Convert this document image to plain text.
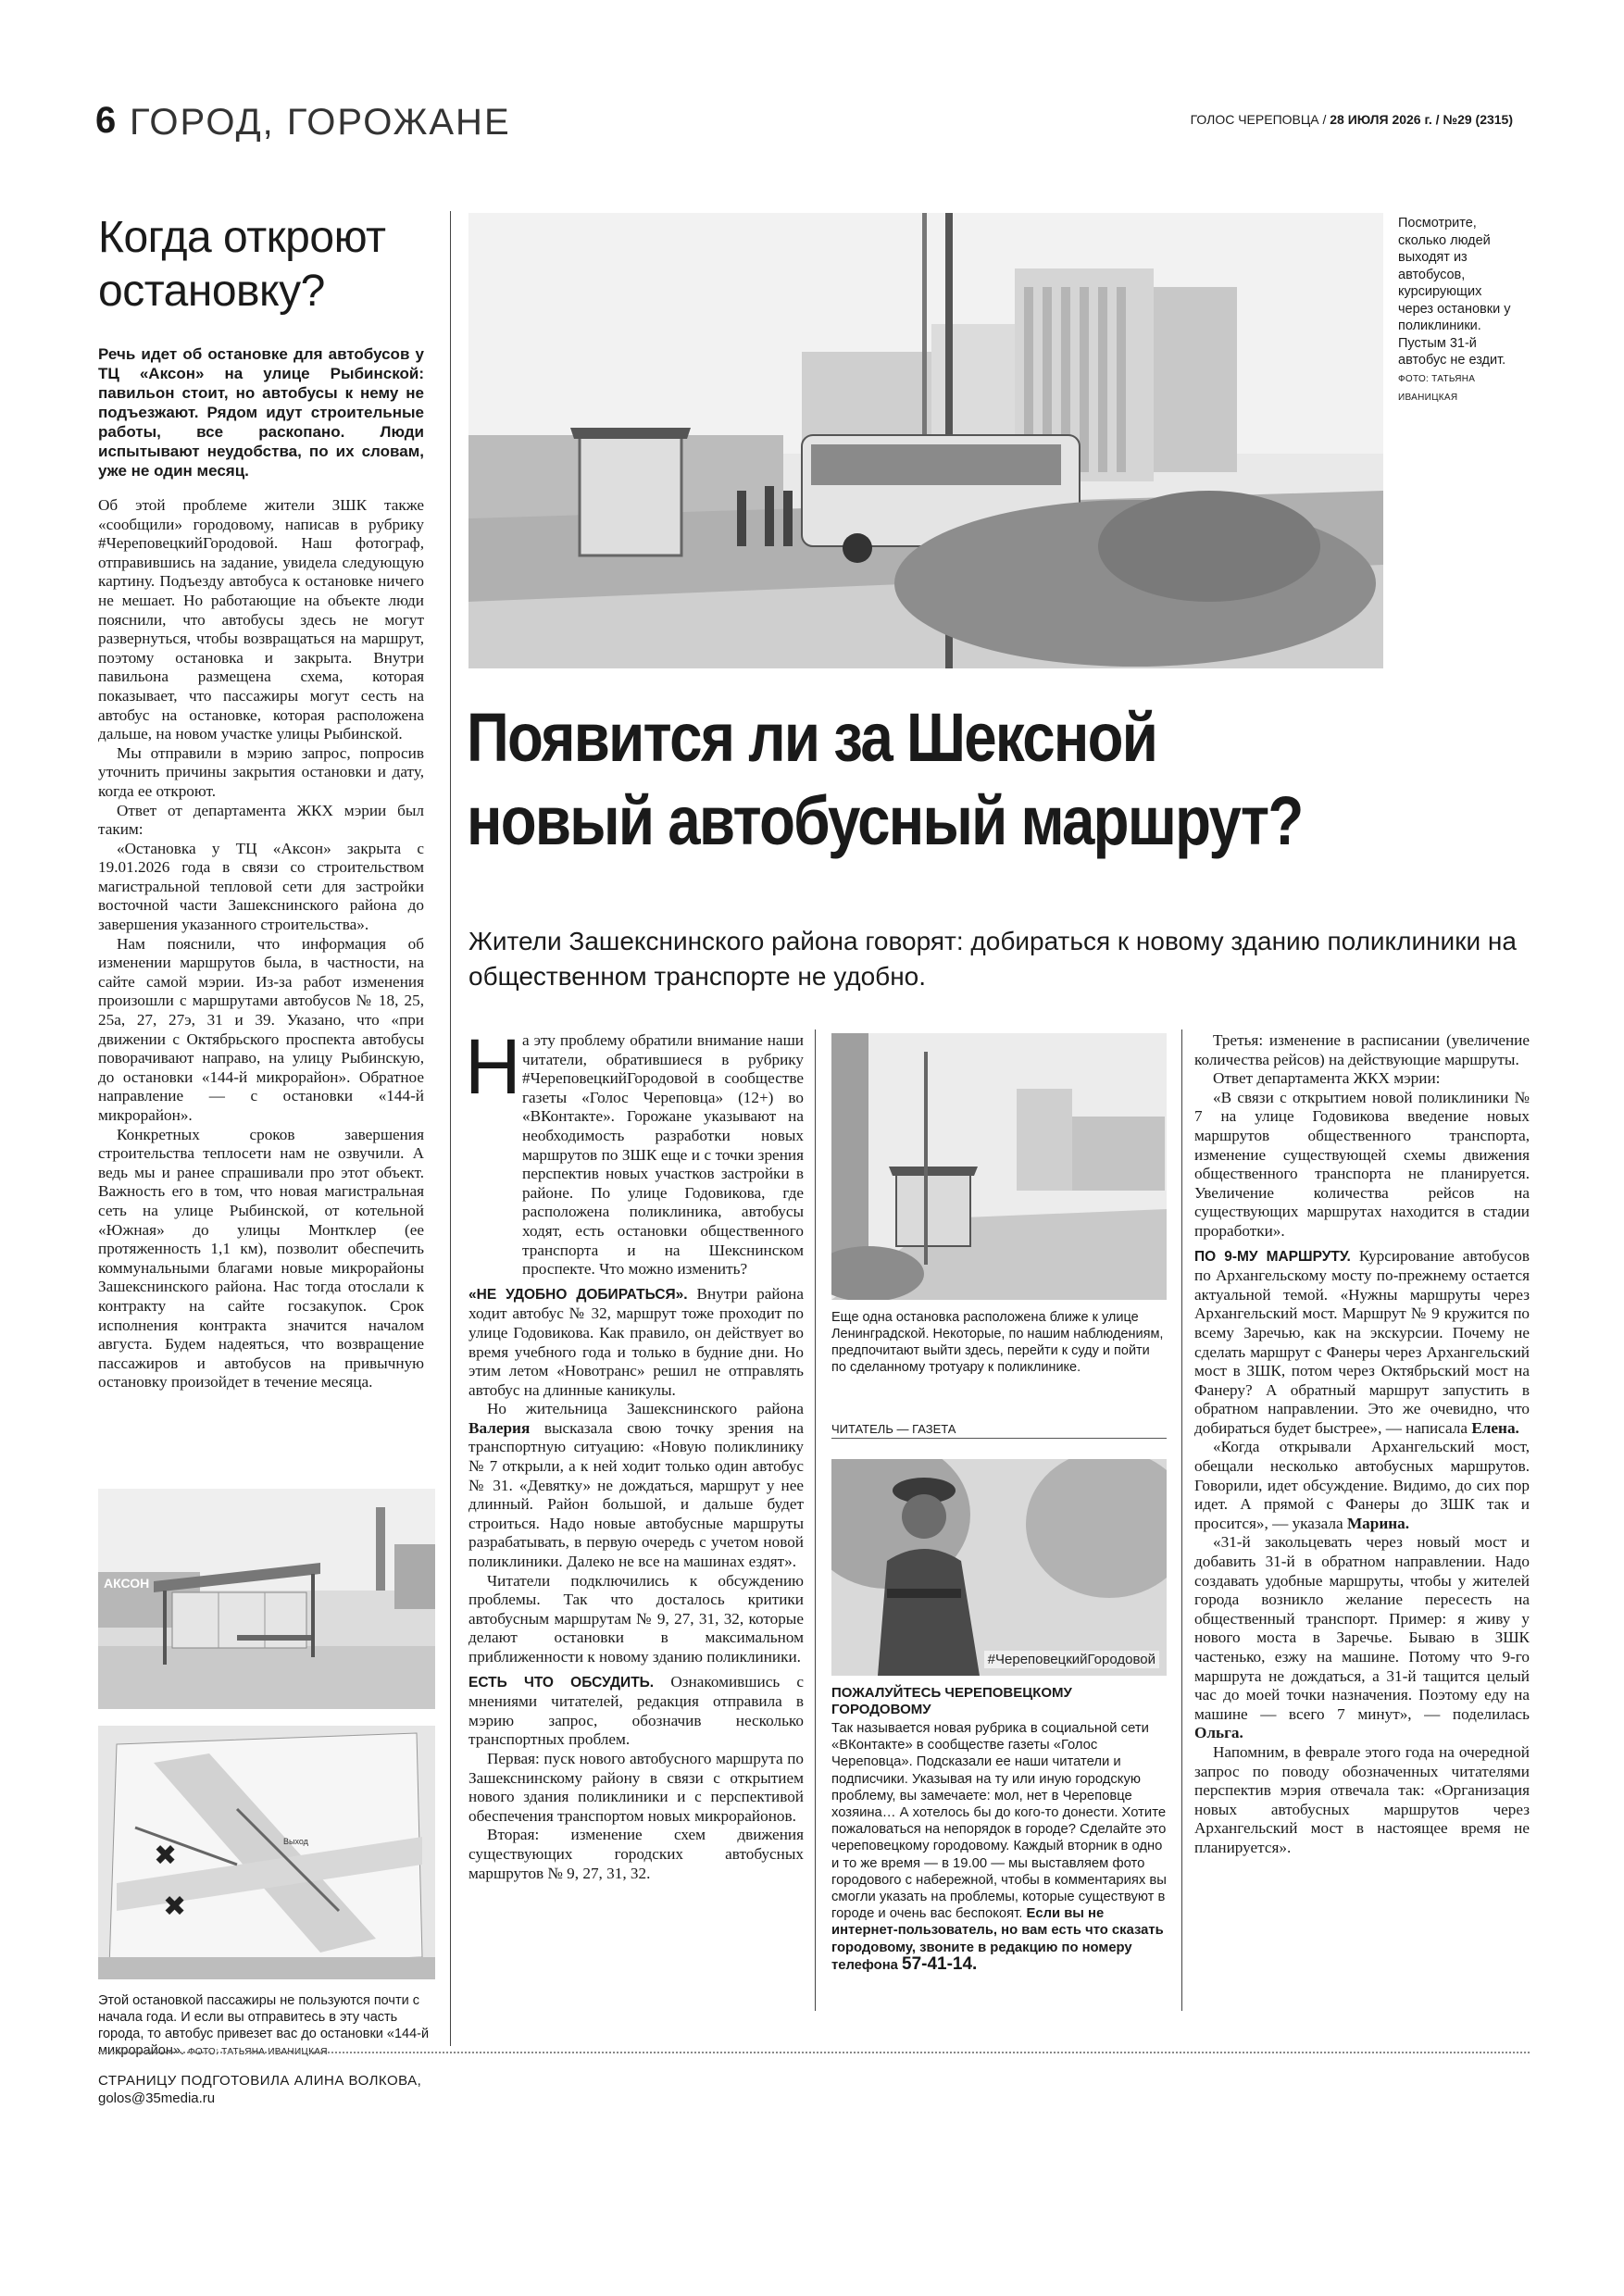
6 ГОРОД, ГОРОЖАНЕ	ГОЛОС ЧЕРЕПОВЦА / 28 ИЮЛЯ 2026 г. / №29 (2315)
Когда откроют
остановку?
Речь идет об остановке для автобусов у ТЦ «Аксон» на улице Рыбинской: павильон стоит, но автобусы к нему не подъезжают. Рядом идут строительные работы, все раскопано. Люди испытывают неудобства, по их словам, уже не один месяц.

Об этой проблеме жители ЗШК также «сообщили» городовому, написав в рубрику #ЧереповецкийГородовой. Наш фотограф, отправившись на задание, увидела следующую картину. Подъезду автобуса к остановке ничего не мешает. Но работающие на объекте люди пояснили, что автобусы здесь не могут развернуться, чтобы возвращаться на маршрут, поэтому остановка и закрыта. Внутри павильона размещена схема, которая показывает, что пассажиры могут сесть на автобус на остановке, которая расположена дальше, на новом участке улицы Рыбинской.

Мы отправили в мэрию запрос, попросив уточнить причины закрытия остановки и дату, когда ее откроют.

Ответ от департамента ЖКХ мэрии был таким:

«Остановка у ТЦ «Аксон» закрыта с 19.01.2026 года в связи со строительством магистральной тепловой сети для застройки восточной части Зашекснинского района до завершения указанного строительства».

Нам пояснили, что информация об изменении маршрутов была, в частности, на сайте самой мэрии. Из-за работ изменения произошли с маршрутами автобусов № 18, 25, 25а, 27, 27э, 31 и 39. Указано, что «при движении с Октябрьского проспекта автобусы поворачивают направо, на улицу Рыбинскую, до остановки «144-й микрорайон». Обратное направление — с остановки «144-й микрорайон».

Конкретных сроков завершения строительства теплосети нам не озвучили. А ведь мы и ранее спрашивали про этот объект. Важность его в том, что новая магистральная сеть на улице Рыбинской, от котельной «Южная» до улицы Монтклер (ее протяженность 1,1 км), позволит обеспечить коммунальными благами новые микрорайоны Зашекснинского района. Нас тогда отослали к контракту на сайте госзакупок. Срок исполнения контракта значится началом августа. Будем надеяться, что возвращение пассажиров и автобусов на привычную остановку произойдет в течение месяца.

АКСОН
✖
✖
Выход
Этой остановкой пассажиры не пользуются почти с начала года. И если вы отправитесь в эту часть города, то автобус привезет вас до остановки «144-й микрорайон». ФОТО: ТАТЬЯНА ИВАНИЦКАЯ
Посмотрите, сколько людей выходят из автобусов, курсирующих через остановки у поликлиники. Пустым 31-й автобус не ездит. ФОТО: ТАТЬЯНА ИВАНИЦКАЯ
Появится ли за Шексной
новый автобусный маршрут?
Жители Зашекснинского района говорят: добираться к новому зданию поликлиники на общественном транспорте не удобно.
Н а эту проблему обратили внимание наши читатели, обратившиеся в рубрику #ЧереповецкийГородовой в сообществе газеты «Голос Череповца» (12+) во «ВКонтакте». Горожане указывают на необходимость разработки новых маршрутов по ЗШК еще и с точки зрения перспектив новых участков застройки в районе. По улице Годовикова, где расположена поликлиника, автобусы ходят, есть остановки общественного транспорта и на Шекснинском проспекте. Что можно изменить?

«НЕ УДОБНО ДОБИРАТЬСЯ». Внутри района ходит автобус № 32, маршрут тоже проходит по улице Годовикова. Как правило, он действует во время учебного года и только в будние дни. Но этим летом «Новотранс» решил не отправлять автобус на длинные каникулы.

Но жительница Зашекснинского района Валерия высказала свою точку зрения на транспортную ситуацию: «Новую поликлинику № 7 открыли, а к ней ходит только один автобус № 31. «Девятку» не дождаться, маршрут у нее длинный. Район большой, и дальше будет строиться. Надо новые автобусные маршруты разрабатывать, в первую очередь с учетом новой поликлиники. Далеко не все на машинах ездят».

Читатели подключились к обсуждению проблемы. Так что досталось критики автобусным маршрутам № 9, 27, 31, 32, которые делают остановки в максимальном приближенности к новому зданию поликлиники.

ЕСТЬ ЧТО ОБСУДИТЬ. Ознакомившись с мнениями читателей, редакция отправила в мэрию запрос, обозначив несколько транспортных проблем.

Первая: пуск нового автобусного маршрута по Зашекснинскому району в связи с открытием нового здания поликлиники и с перспективой обеспечения транспортом новых микрорайонов.

Вторая: изменение схем движения существующих городских автобусных маршрутов № 9, 27, 31, 32.

Еще одна остановка расположена ближе к улице Ленинградской. Некоторые, по нашим наблюдениям, предпочитают выйти здесь, перейти к суду и пойти по сделанному тротуару к поликлинике.
ЧИТАТЕЛЬ — ГАЗЕТА
#ЧереповецкийГородовой
ПОЖАЛУЙТЕСЬ ЧЕРЕПОВЕЦКОМУ
ГОРОДОВОМУ
Так называется новая рубрика в социальной сети «ВКонтакте» в сообществе газеты «Голос Череповца». Подсказали ее наши читатели и подписчики. Указывая на ту или иную городскую проблему, вы замечаете: мол, нет в Череповце хозяина… А хотелось бы до кого-то донести. Хотите пожаловаться на непорядок в городе? Сделайте это череповецкому городовому. Каждый вторник в одно и то же время — в 19.00 — мы выставляем фото городового с набережной, чтобы в комментариях вы смогли указать на проблемы, которые существуют в городе и очень вас беспокоят. Если вы не интернет-пользователь, но вам есть что сказать городовому, звоните в редакцию по номеру телефона 57-41-14.

Третья: изменение в расписании (увеличение количества рейсов) на действующие маршруты.

Ответ департамента ЖКХ мэрии:

«В связи с открытием новой поликлиники № 7 на улице Годовикова введение новых маршрутов общественного транспорта, изменение существующей схемы движения общественного транспорта не планируется. Увеличение количества рейсов на существующих маршрутах находится в стадии проработки».

ПО 9-МУ МАРШРУТУ. Курсирование автобусов по Архангельскому мосту по-прежнему остается актуальной темой. «Нужны маршруты через Архангельский мост. Маршрут № 9 кружится по всему Заречью, как на экскурсии. Почему не сделать маршрут с Фанеры через Архангельский мост в ЗШК, потом через Октябрьский мост на Фанеру? А обратный маршрут запустить в обратном направлении. Это же очевидно, что добираться будет быстрее», — написала Елена.

«Когда открывали Архангельский мост, обещали несколько автобусных маршрутов. Говорили, идет обсуждение. Видимо, до сих пор идет. А прямой с Фанеры до ЗШК так и просится», — указала Марина.

«31-й закольцевать через новый мост и добавить 31-й в обратном направлении. Надо создавать удобные маршруты, чтобы у жителей города возникло желание пересесть на общественный транспорт. Пример: я живу у нового моста в Заречье. Бываю в ЗШК частенько, езжу на машине. Потому что 9-го маршрута не дождаться, а 31-й тащится целый час до моей точки назначения. Поэтому еду на машине — всего 7 минут», — поделилась Ольга.

Напомним, в феврале этого года на очередной запрос по поводу обозначенных читателями перспектив мэрия отвечала так: «Организация новых автобусных маршрутов через Архангельский мост в настоящее время не планируется».

СТРАНИЦУ ПОДГОТОВИЛА АЛИНА ВОЛКОВА,
golos@35media.ru
